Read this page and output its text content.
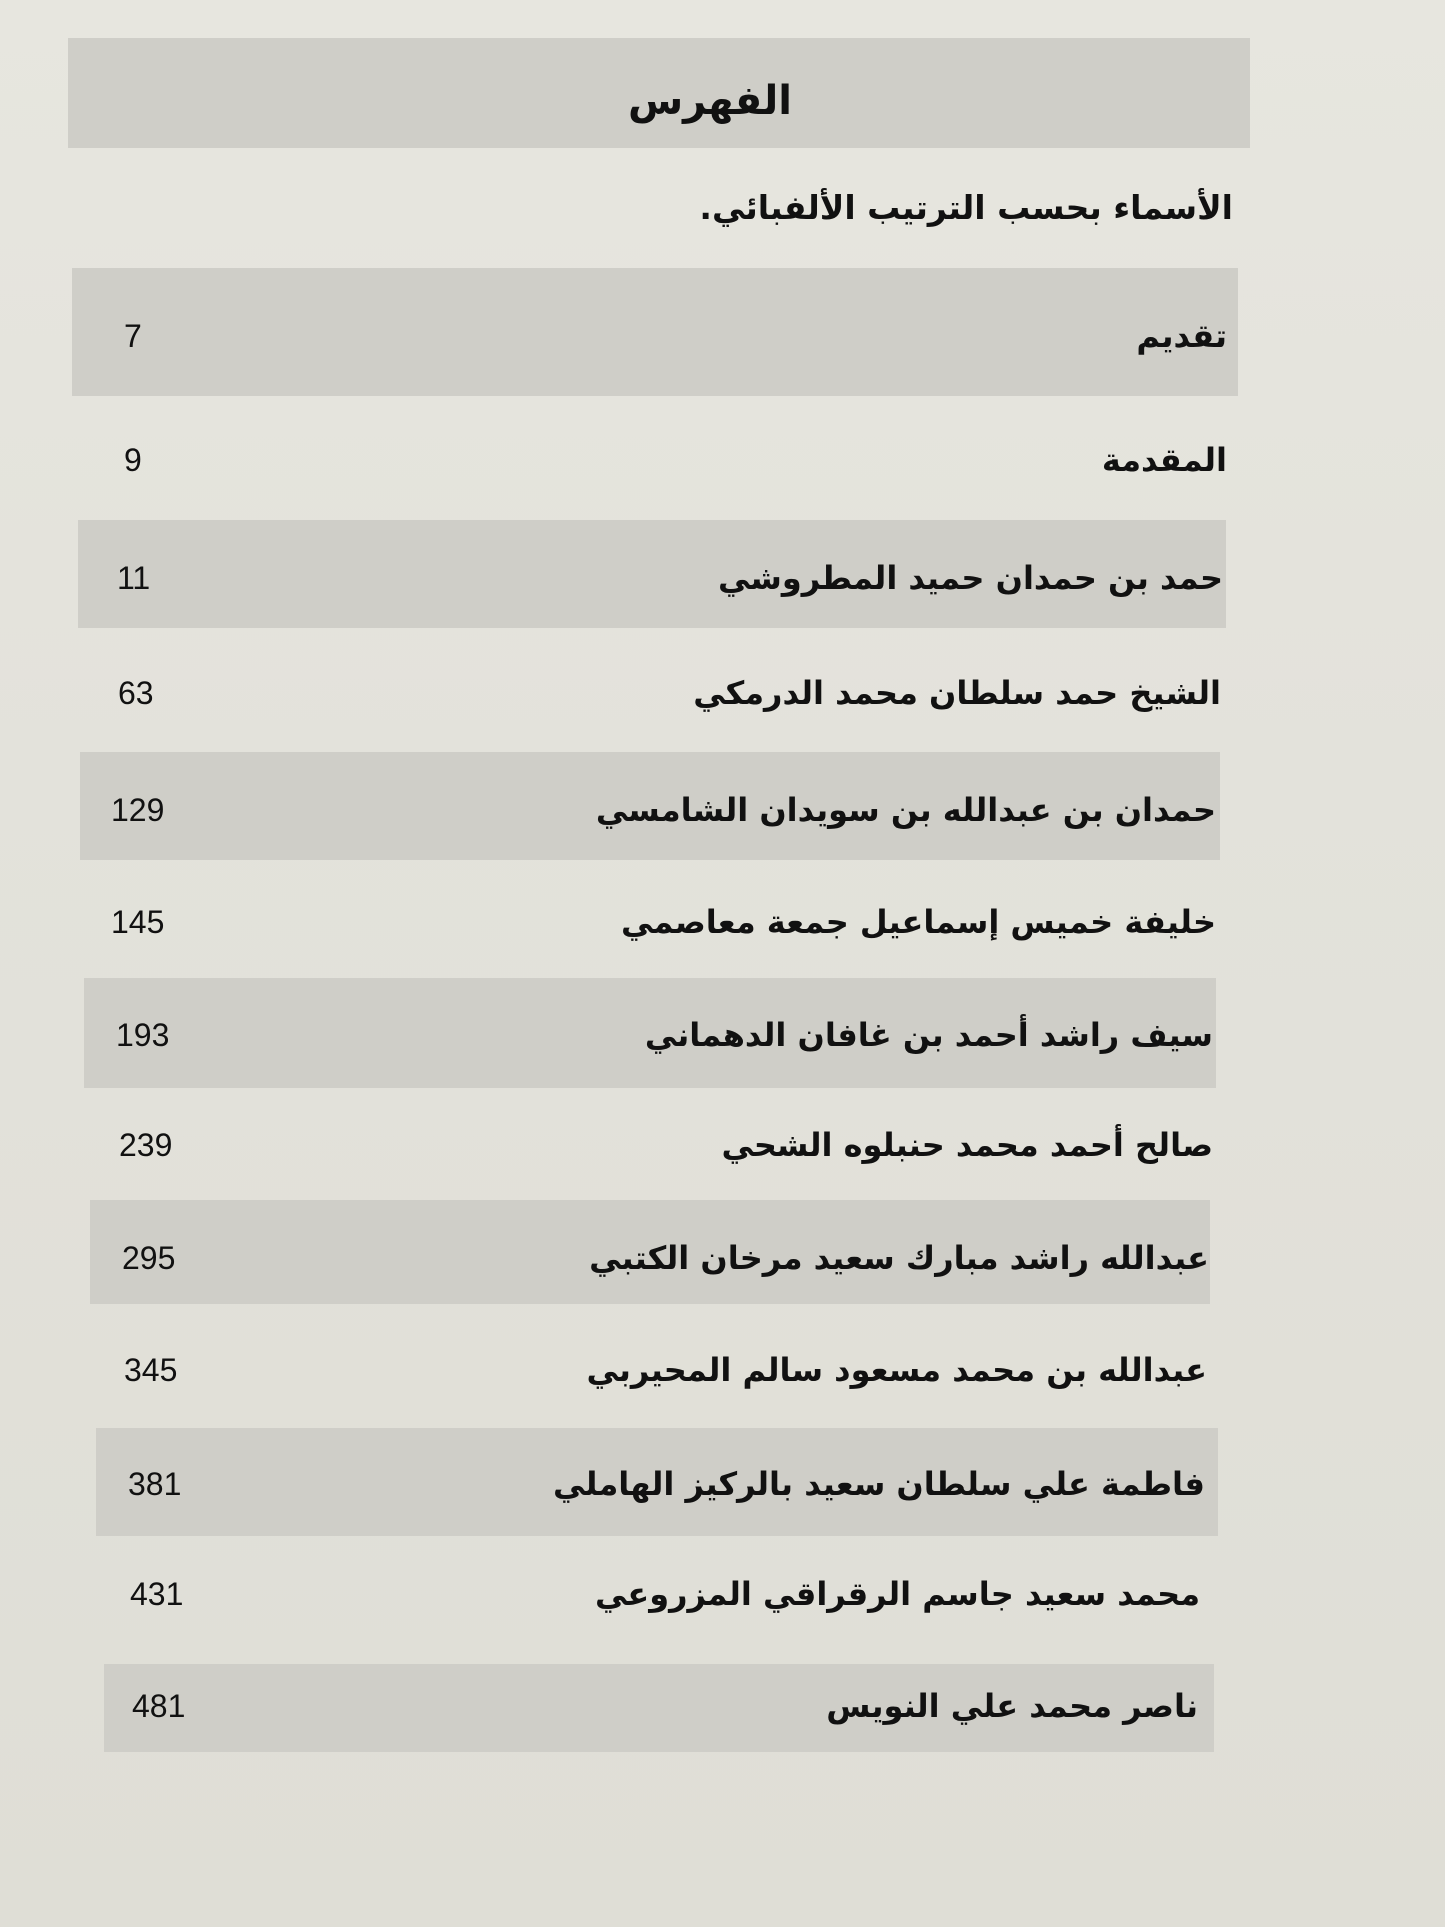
الفهرس
الأسماء بحسب الترتيب الألفبائي.
تقديم
7
المقدمة
9
حمد بن حمدان حميد المطروشي
11
الشيخ حمد سلطان محمد الدرمكي
63
حمدان بن عبدالله بن سويدان الشامسي
129
خليفة خميس إسماعيل جمعة معاصمي
145
سيف راشد أحمد بن غافان الدهماني
193
صالح أحمد محمد حنبلوه الشحي
239
عبدالله راشد مبارك سعيد مرخان الكتبي
295
عبدالله بن محمد مسعود سالم المحيربي
345
فاطمة علي سلطان سعيد بالركيز الهاملي
381
محمد سعيد جاسم الرقراقي المزروعي
431
ناصر محمد علي النويس
481
